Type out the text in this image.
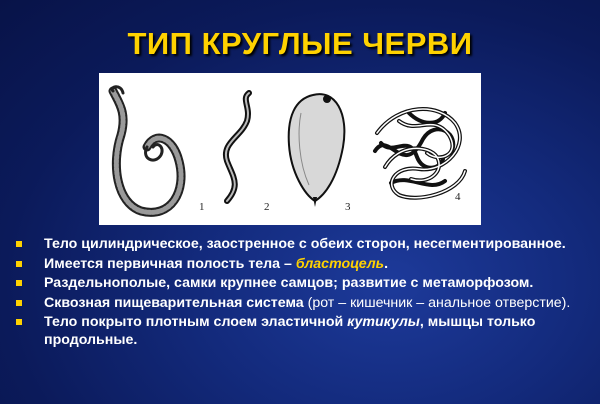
ТИП КРУГЛЫЕ ЧЕРВИ
1	2	3
4
Тело цилиндрическое, заостренное с обеих сторон, несегментированное.
Имеется первичная полость тела – бластоцель.
Раздельнополые, самки крупнее самцов; развитие с метаморфозом.
Сквозная пищеварительная система (рот – кишечник – анальное отверстие).
Тело покрыто плотным слоем эластичной кутикулы, мышцы только продольные.
